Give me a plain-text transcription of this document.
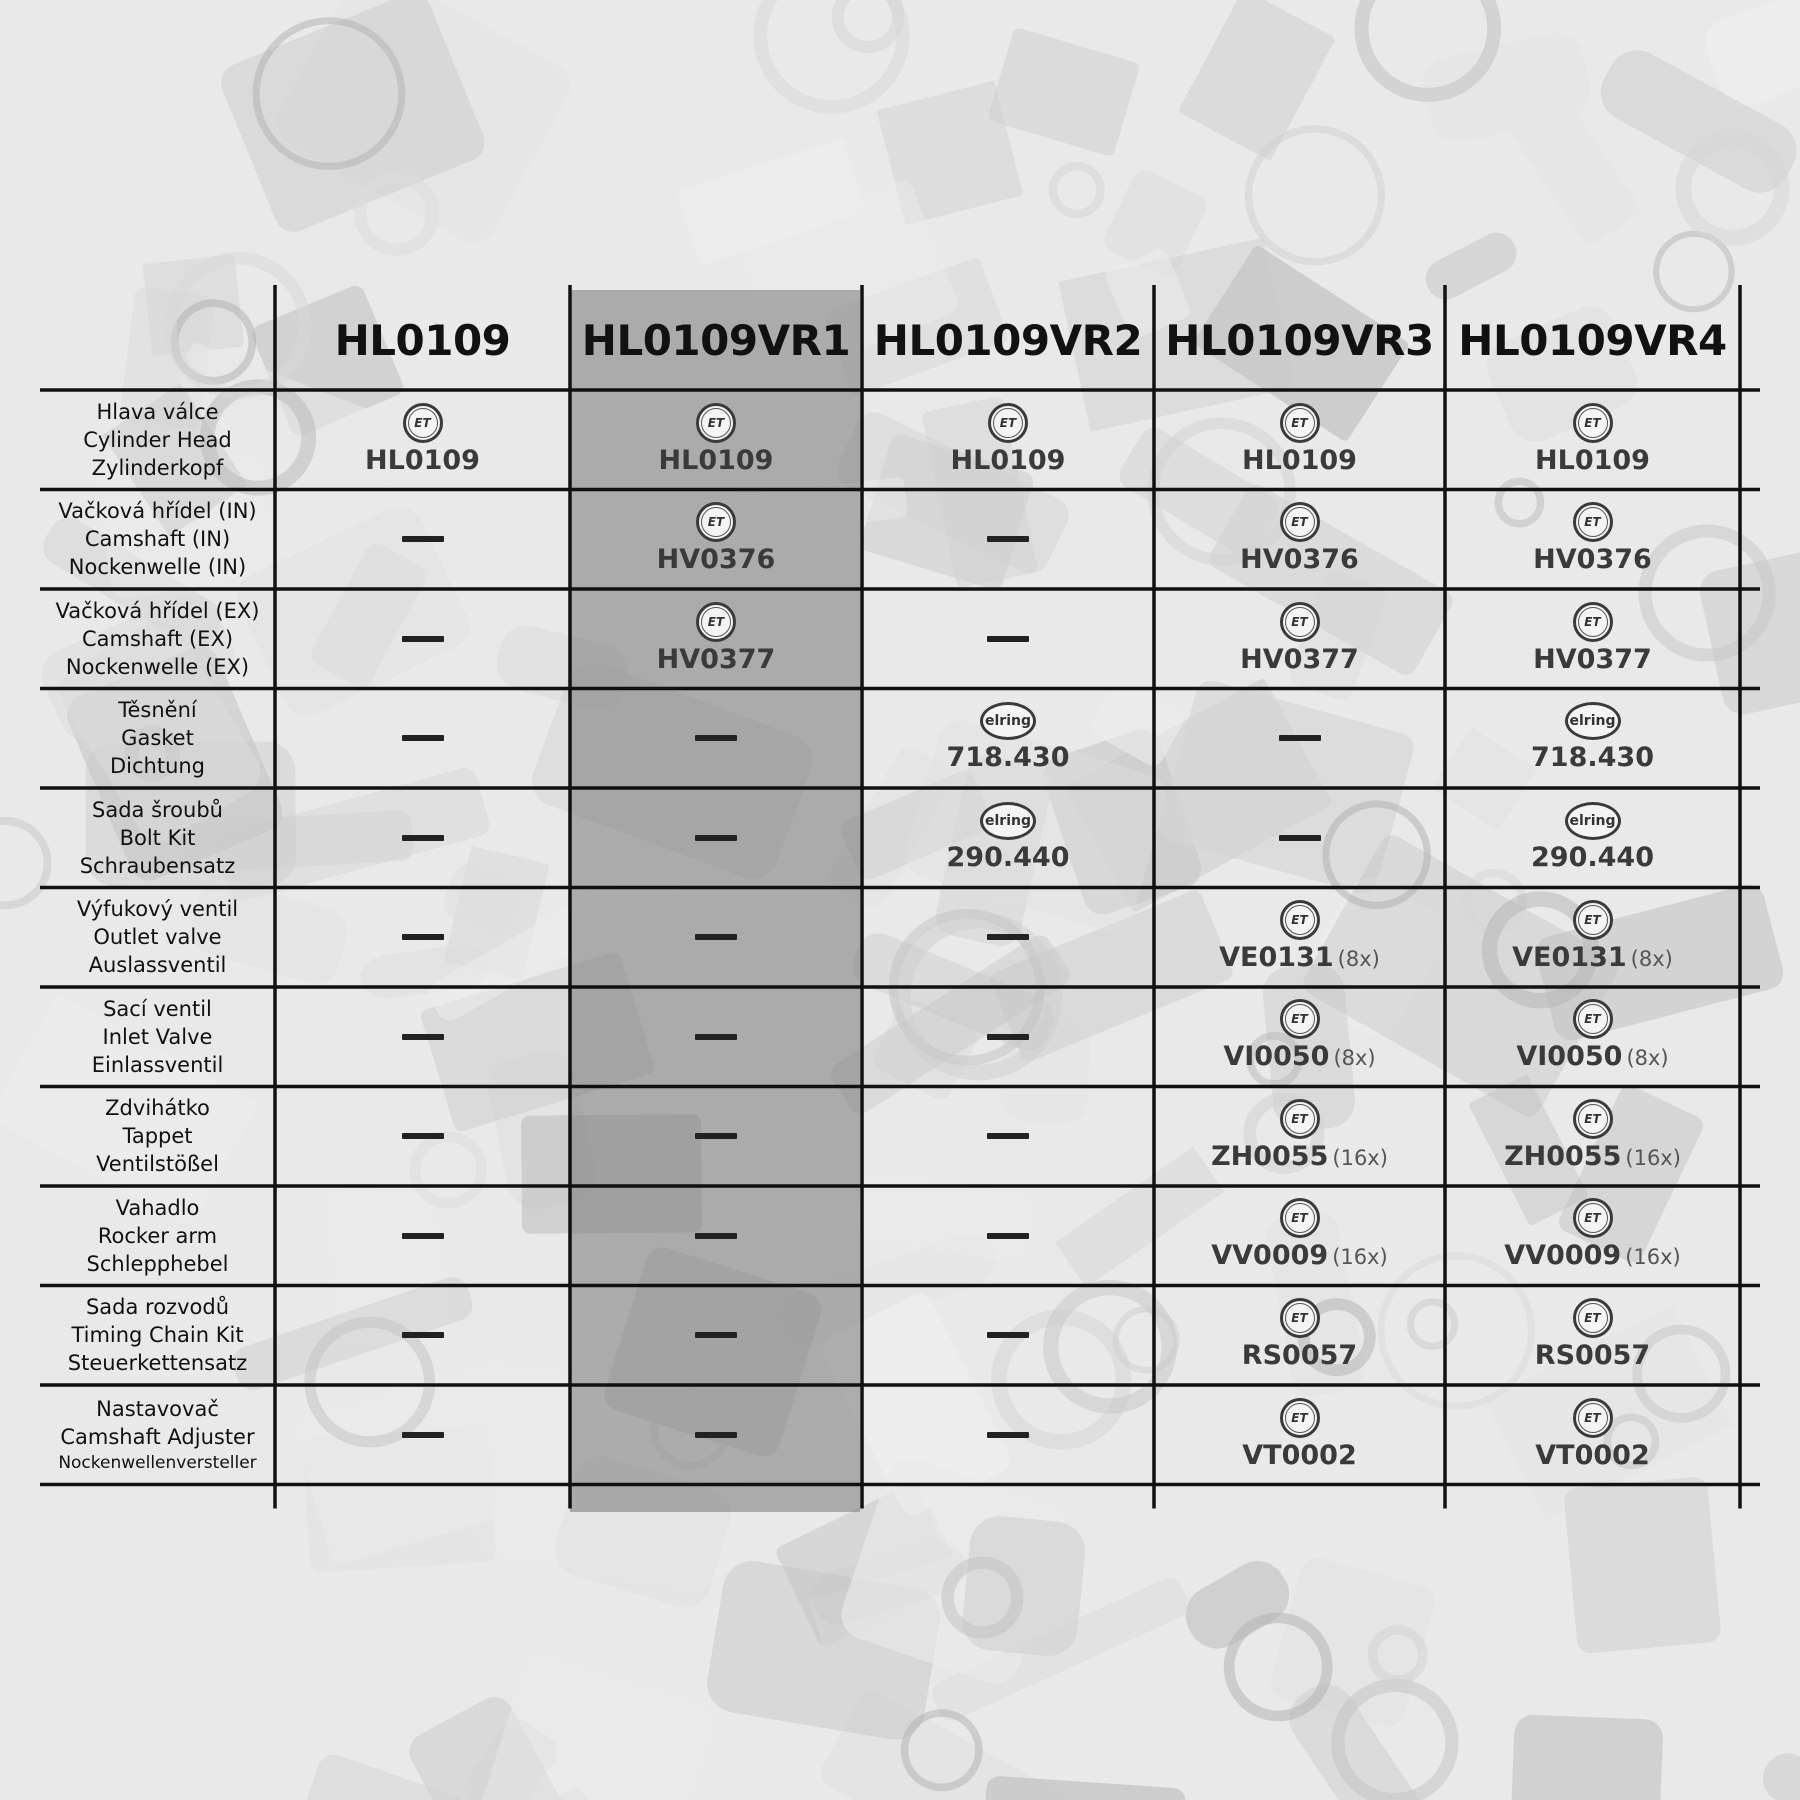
HL0109	HL0109VR1 HL0109VR2 HL0109VR3 HL0109VR4
Hlava válce
Cylinder Head
Zylinderkopf
ET
HL0109
ET
HL0109
ET
HL0109
ET
HL0109
ET
HL0109
Vačková hřídel (IN)
Camshaft (IN)
Nockenwelle (IN)
ET
HV0376
ET
HV0376
ET
HV0376
Vačková hřídel (EX)
Camshaft (EX)
Nockenwelle (EX)
ET
HV0377
ET
HV0377
ET
HV0377
Těsnění
Gasket
Dichtung
elring
718.430
elring
718.430
Sada šroubů
Bolt Kit
Schraubensatz
elring
290.440
elring
290.440
Výfukový ventil
Outlet valve
Auslassventil
ET
VE0131 (8x)
ET
VE0131 (8x)
Sací ventil
Inlet Valve
Einlassventil
ET
VI0050 (8x)
ET
VI0050 (8x)
Zdvihátko
Tappet
Ventilstößel
ET
ZH0055 (16x)
ET
ZH0055 (16x)
Vahadlo
Rocker arm
Schlepphebel
ET
VV0009 (16x)
ET
VV0009 (16x)
Sada rozvodů
Timing Chain Kit
Steuerkettensatz
ET
RS0057
ET
RS0057
Nastavovač
Camshaft Adjuster
Nockenwellenversteller
ET
VT0002
ET
VT0002
